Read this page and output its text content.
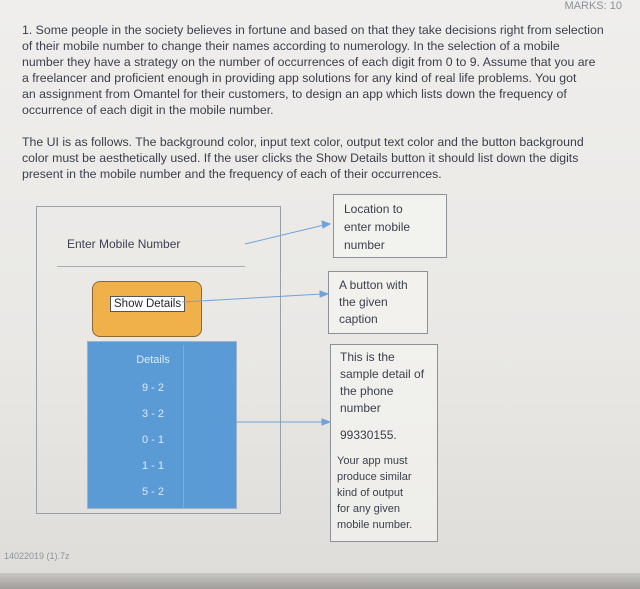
MARKS: 10
1. Some people in the society believes in fortune and based on that they take decisions right from selection
of their mobile number to change their names according to numerology. In the selection of a mobile
number they have a strategy on the number of occurrences of each digit from 0 to 9. Assume that you are
a freelancer and proficient enough in providing app solutions for any kind of real life problems. You got
an assignment from Omantel for their customers, to design an app which lists down the frequency of
occurrence of each digit in the mobile number.
The UI is as follows. The background color, input text color, output text color and the button background
color must be aesthetically used. If the user clicks the Show Details button it should list down the digits
present in the mobile number and the frequency of each of their occurrences.
Enter Mobile Number
Show Details
Details
9 - 2
3 - 2
0 - 1
1 - 1
5 - 2
Location to
enter mobile
number
A button with
the given
caption
This is the
sample detail of
the phone
number
99330155.
Your app must
produce similar
kind of output
for any given
mobile number.
14022019 (1).7z
